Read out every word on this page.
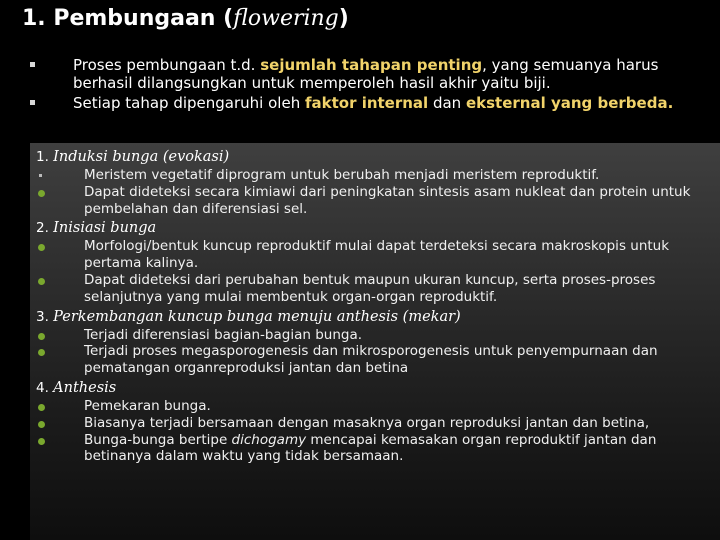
1. Pembungaan (flowering)
Proses pembungaan t.d. sejumlah tahapan penting, yang semuanya harus berhasil dilangsungkan untuk memperoleh hasil akhir yaitu biji.
Setiap tahap dipengaruhi oleh faktor internal dan eksternal yang berbeda.
1. Induksi bunga (evokasi)
Meristem vegetatif diprogram untuk berubah menjadi meristem reproduktif.
Dapat dideteksi secara kimiawi dari peningkatan sintesis asam nukleat dan protein untuk pembelahan dan diferensiasi sel.
2. Inisiasi bunga
Morfologi/bentuk kuncup reproduktif mulai dapat terdeteksi secara makroskopis untuk pertama kalinya.
Dapat dideteksi dari perubahan bentuk maupun ukuran kuncup, serta proses-proses selanjutnya yang mulai membentuk organ-organ reproduktif.
3. Perkembangan kuncup bunga menuju anthesis (mekar)
Terjadi diferensiasi bagian-bagian bunga.
Terjadi proses megasporogenesis dan mikrosporogenesis untuk penyempurnaan dan pematangan organreproduksi jantan dan betina
4. Anthesis
Pemekaran bunga.
Biasanya terjadi bersamaan dengan masaknya organ reproduksi jantan dan betina,
Bunga-bunga bertipe dichogamy mencapai kemasakan organ reproduktif jantan dan betinanya dalam waktu yang tidak bersamaan.
